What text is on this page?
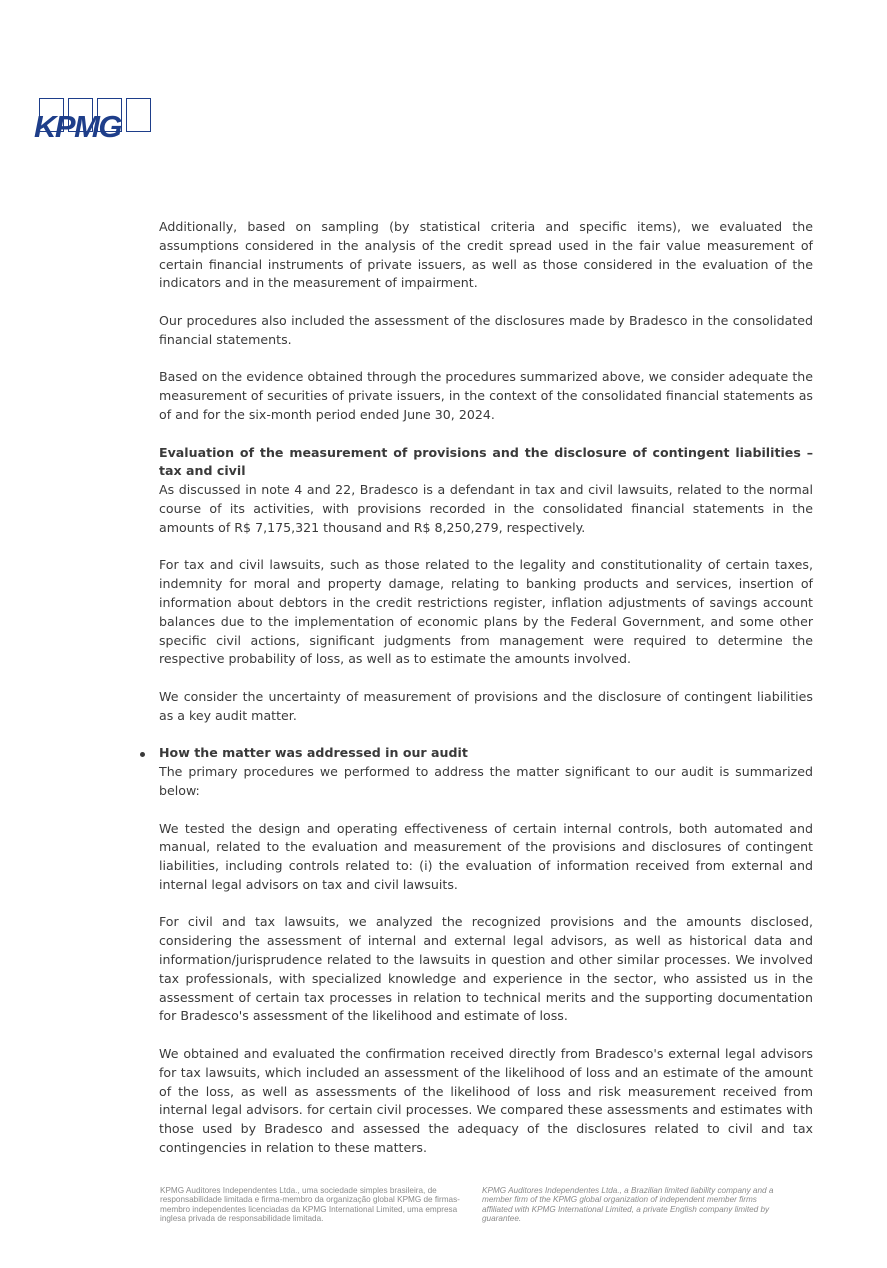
KPMG

Additionally, based on sampling (by statistical criteria and specific items), we evaluated the assumptions considered in the analysis of the credit spread used in the fair value measurement of certain financial instruments of private issuers, as well as those considered in the evaluation of the indicators and in the measurement of impairment.

Our procedures also included the assessment of the disclosures made by Bradesco in the consolidated financial statements.

Based on the evidence obtained through the procedures summarized above, we consider adequate the measurement of securities of private issuers, in the context of the consolidated financial statements as of and for the six-month period ended June 30, 2024.

Evaluation of the measurement of provisions and the disclosure of contingent liabilities – tax and civil

As discussed in note 4 and 22, Bradesco is a defendant in tax and civil lawsuits, related to the normal course of its activities, with provisions recorded in the consolidated financial statements in the amounts of R$ 7,175,321 thousand and R$ 8,250,279, respectively.

For tax and civil lawsuits, such as those related to the legality and constitutionality of certain taxes, indemnity for moral and property damage, relating to banking products and services, insertion of information about debtors in the credit restrictions register, inflation adjustments of savings account balances due to the implementation of economic plans by the Federal Government, and some other specific civil actions, significant judgments from management were required to determine the respective probability of loss, as well as to estimate the amounts involved.

We consider the uncertainty of measurement of provisions and the disclosure of contingent liabilities as a key audit matter.

How the matter was addressed in our audit

The primary procedures we performed to address the matter significant to our audit is summarized below:

We tested the design and operating effectiveness of certain internal controls, both automated and manual, related to the evaluation and measurement of the provisions and disclosures of contingent liabilities, including controls related to: (i) the evaluation of information received from external and internal legal advisors on tax and civil lawsuits.

For civil and tax lawsuits, we analyzed the recognized provisions and the amounts disclosed, considering the assessment of internal and external legal advisors, as well as historical data and information/jurisprudence related to the lawsuits in question and other similar processes. We involved tax professionals, with specialized knowledge and experience in the sector, who assisted us in the assessment of certain tax processes in relation to technical merits and the supporting documentation for Bradesco's assessment of the likelihood and estimate of loss.

We obtained and evaluated the confirmation received directly from Bradesco's external legal advisors for tax lawsuits, which included an assessment of the likelihood of loss and an estimate of the amount of the loss, as well as assessments of the likelihood of loss and risk measurement received from internal legal advisors. for certain civil processes. We compared these assessments and estimates with those used by Bradesco and assessed the adequacy of the disclosures related to civil and tax contingencies in relation to these matters.

KPMG Auditores Independentes Ltda., uma sociedade simples brasileira, de responsabilidade limitada e firma-membro da organização global KPMG de firmas-membro independentes licenciadas da KPMG International Limited, uma empresa inglesa privada de responsabilidade limitada.
KPMG Auditores Independentes Ltda., a Brazilian limited liability company and a member firm of the KPMG global organization of independent member firms affiliated with KPMG International Limited, a private English company limited by guarantee.
